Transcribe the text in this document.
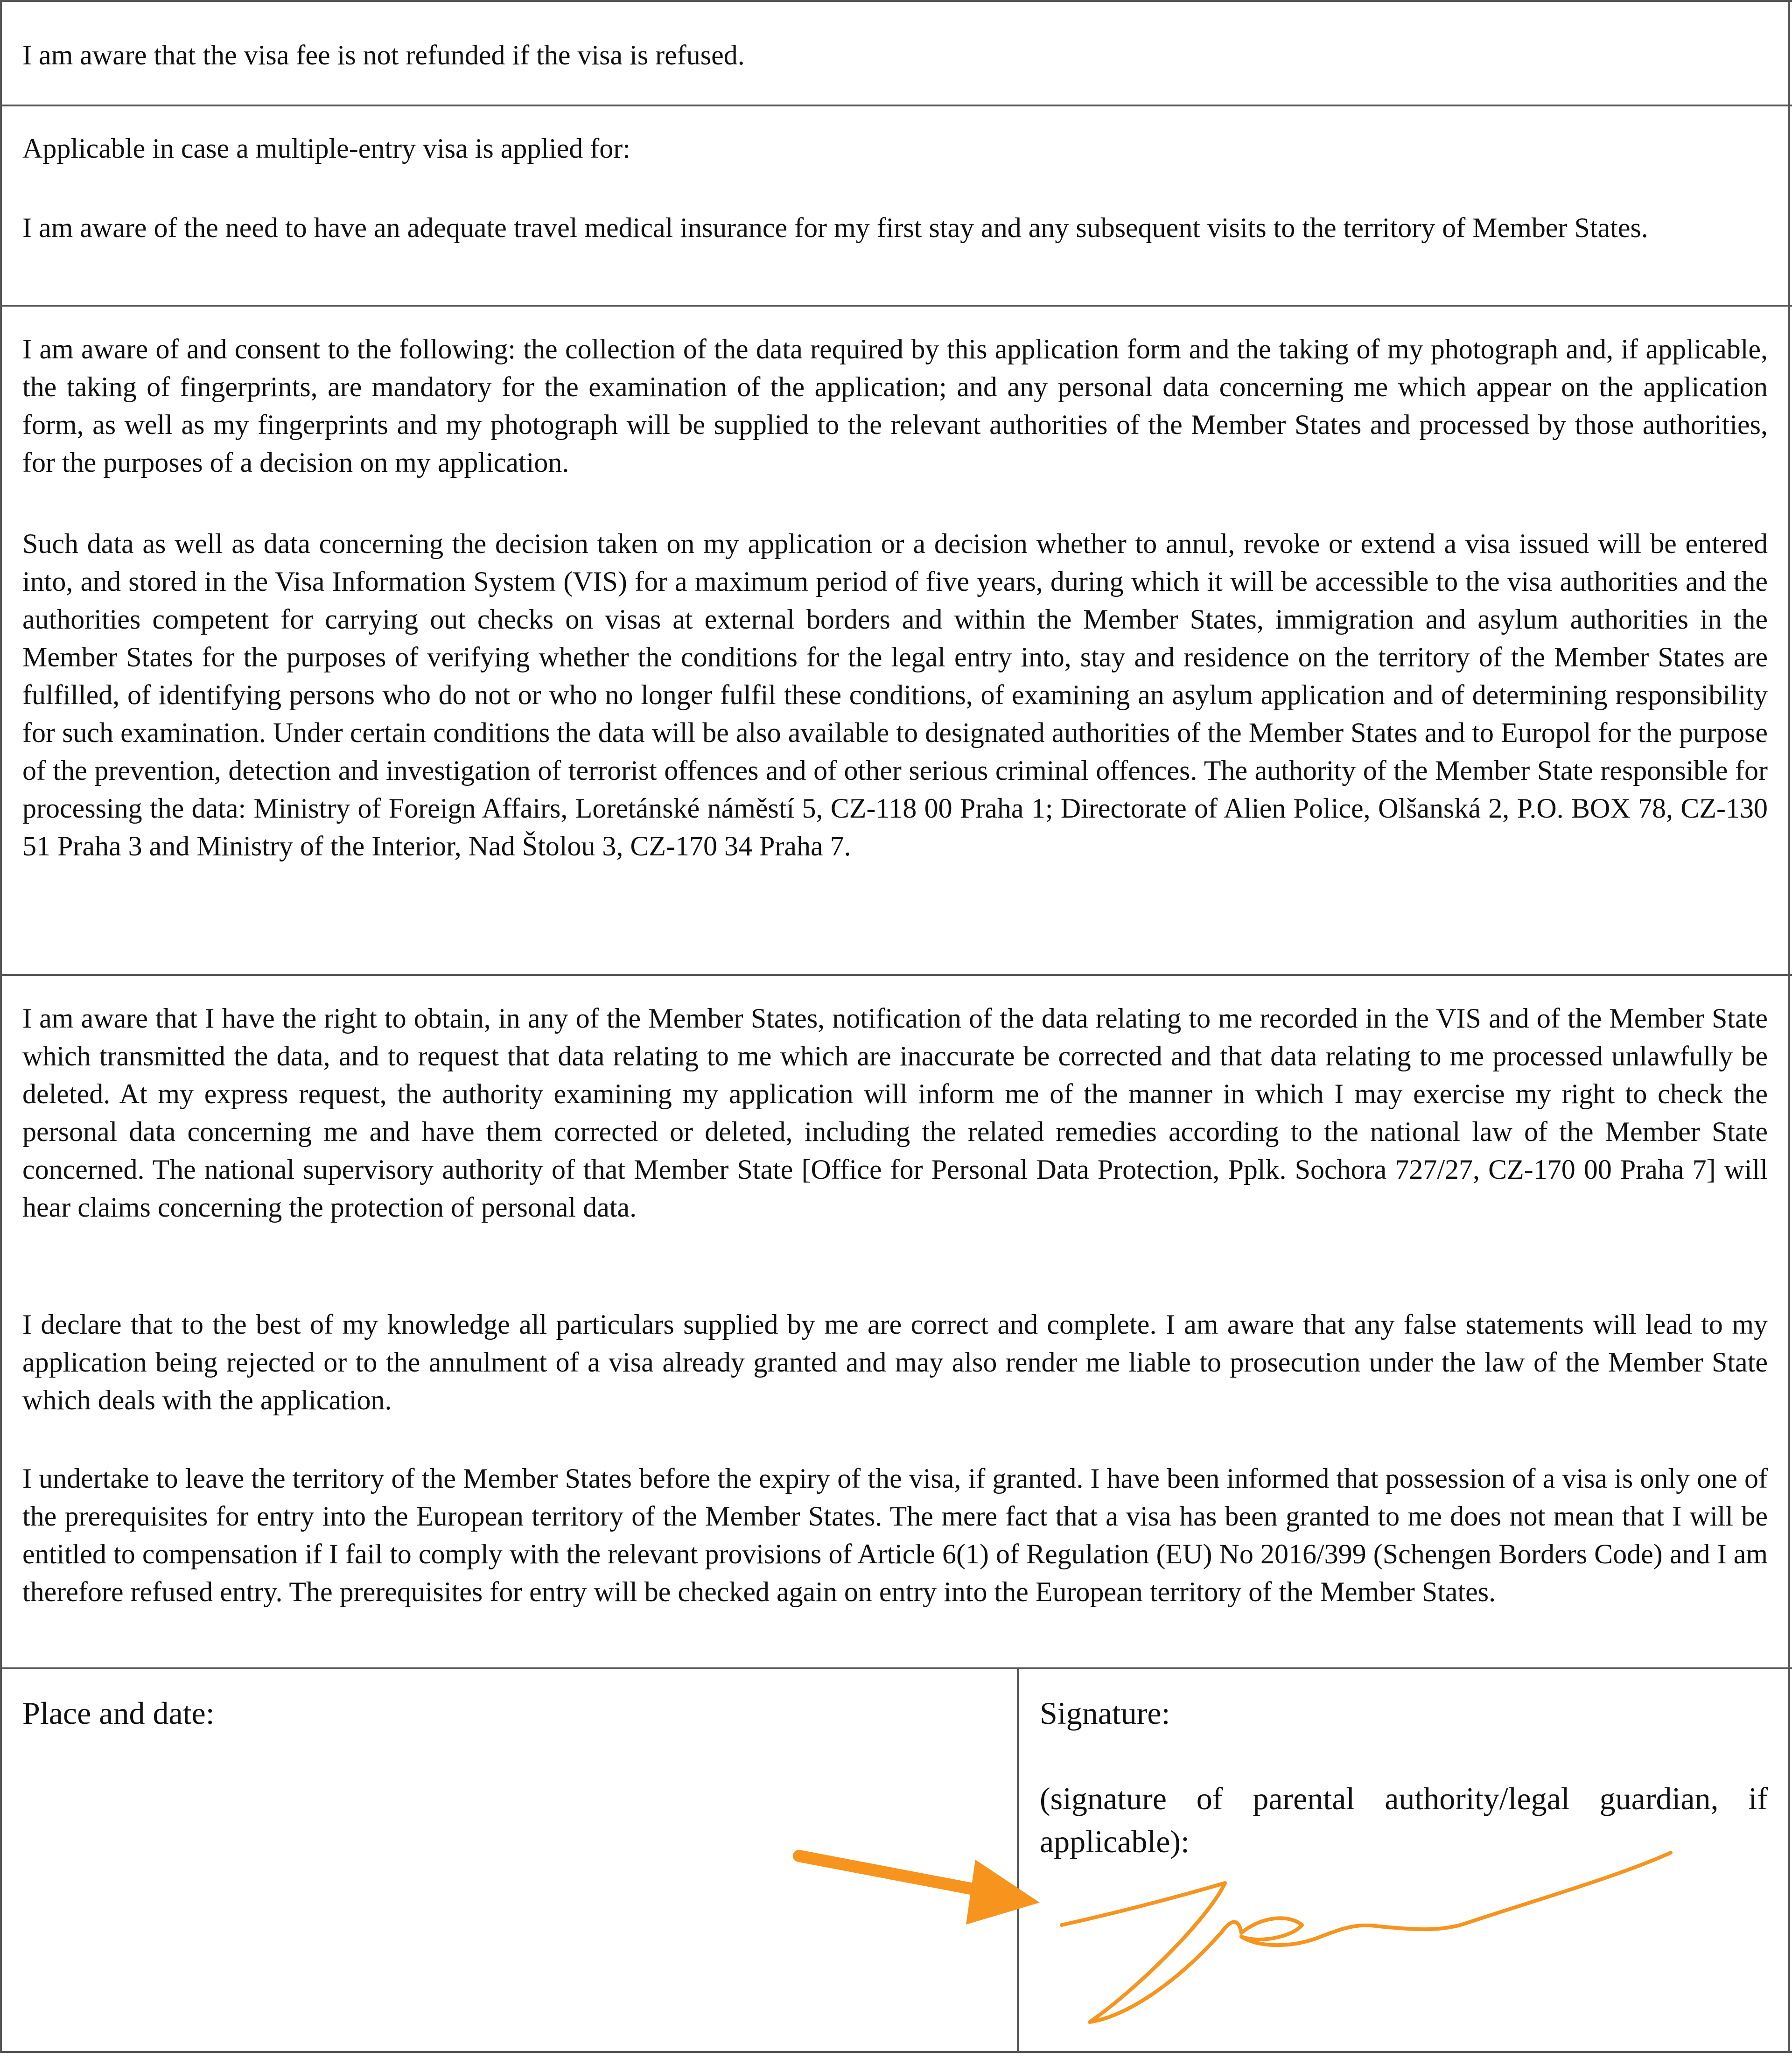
I am aware that the visa fee is not refunded if the visa is refused.

Applicable in case a multiple-entry visa is applied for:

I am aware of the need to have an adequate travel medical insurance for my first stay and any subsequent visits to the territory of Member States.

I am aware of and consent to the following: the collection of the data required by this application form and the taking of my photograph and, if applicable, the taking of fingerprints, are mandatory for the examination of the application; and any personal data concerning me which appear on the application form, as well as my fingerprints and my photograph will be supplied to the relevant authorities of the Member States and processed by those authorities, for the purposes of a decision on my application.

Such data as well as data concerning the decision taken on my application or a decision whether to annul, revoke or extend a visa issued will be entered into, and stored in the Visa Information System (VIS) for a maximum period of five years, during which it will be accessible to the visa authorities and the authorities competent for carrying out checks on visas at external borders and within the Member States, immigration and asylum authorities in the Member States for the purposes of verifying whether the conditions for the legal entry into, stay and residence on the territory of the Member States are fulfilled, of identifying persons who do not or who no longer fulfil these conditions, of examining an asylum application and of determining responsibility for such examination. Under certain conditions the data will be also available to designated authorities of the Member States and to Europol for the purpose of the prevention, detection and investigation of terrorist offences and of other serious criminal offences. The authority of the Member State responsible for processing the data: Ministry of Foreign Affairs, Loretánské náměstí 5, CZ-118 00 Praha 1; Directorate of Alien Police, Olšanská 2, P.O. BOX 78, CZ-130 51 Praha 3 and Ministry of the Interior, Nad Štolou 3, CZ-170 34 Praha 7.

I am aware that I have the right to obtain, in any of the Member States, notification of the data relating to me recorded in the VIS and of the Member State which transmitted the data, and to request that data relating to me which are inaccurate be corrected and that data relating to me processed unlawfully be deleted. At my express request, the authority examining my application will inform me of the manner in which I may exercise my right to check the personal data concerning me and have them corrected or deleted, including the related remedies according to the national law of the Member State concerned. The national supervisory authority of that Member State [Office for Personal Data Protection, Pplk. Sochora 727/27, CZ-170 00 Praha 7] will hear claims concerning the protection of personal data.

I declare that to the best of my knowledge all particulars supplied by me are correct and complete. I am aware that any false statements will lead to my application being rejected or to the annulment of a visa already granted and may also render me liable to prosecution under the law of the Member State which deals with the application.

I undertake to leave the territory of the Member States before the expiry of the visa, if granted. I have been informed that possession of a visa is only one of the prerequisites for entry into the European territory of the Member States. The mere fact that a visa has been granted to me does not mean that I will be entitled to compensation if I fail to comply with the relevant provisions of Article 6(1) of Regulation (EU) No 2016/399 (Schengen Borders Code) and I am therefore refused entry. The prerequisites for entry will be checked again on entry into the European territory of the Member States.

Place and date:	Signature:

(signature of parental authority/legal guardian, if applicable):
